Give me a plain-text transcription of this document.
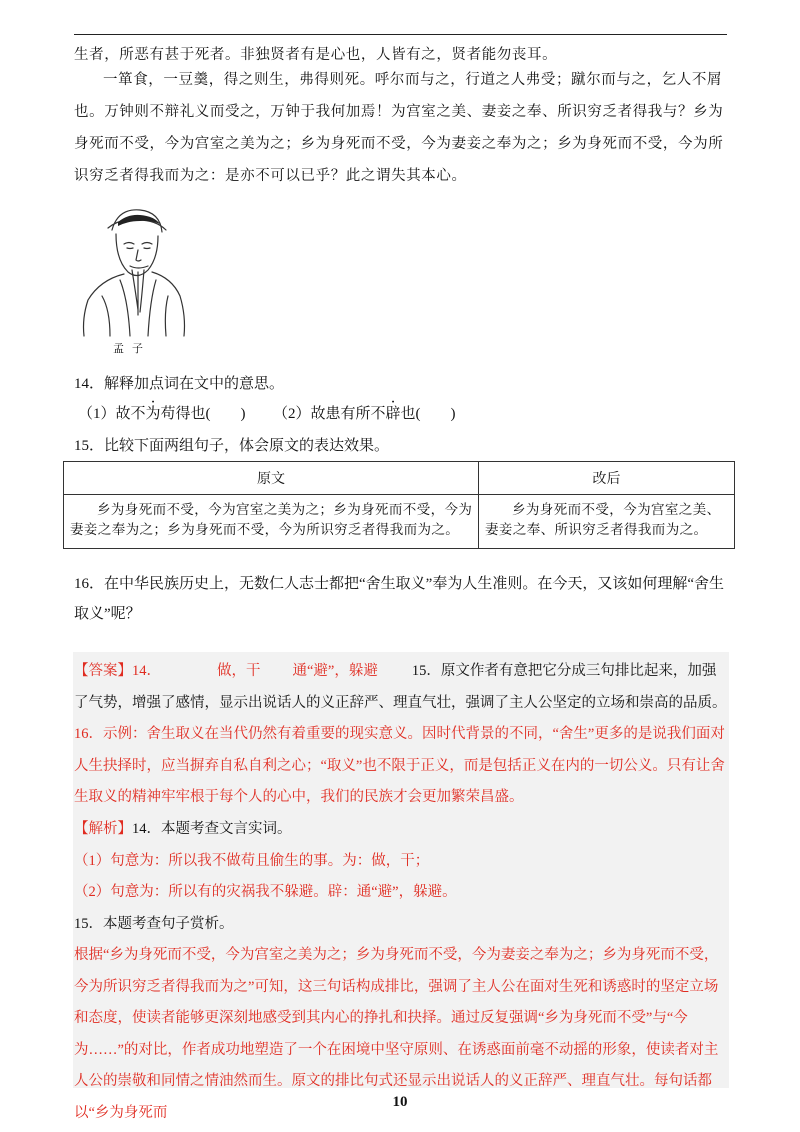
生者，所恶有甚于死者。非独贤者有是心也，人皆有之，贤者能勿丧耳。
一箪食，一豆羹，得之则生，弗得则死。呼尔而与之，行道之人弗受；蹴尔而与之，乞人不屑也。万钟则不辩礼义而受之，万钟于我何加焉！为宫室之美、妻妾之奉、所识穷乏者得我与？乡为身死而不受，今为宫室之美为之；乡为身死而不受，今为妻妾之奉为之；乡为身死而不受，今为所识穷乏者得我而为之：是亦不可以已乎？此之谓失其本心。
孟子
14．解释加点词在文中的意思。
（1）故不为苟得也(　　) （2）故患有所不辟也(　　)
15．比较下面两组句子，体会原文的表达效果。
原文	改后
乡为身死而不受，今为宫室之美为之；乡为身死而不受，今为妻妾之奉为之；乡为身死而不受，今为所识穷乏者得我而为之。	乡为身死而不受，今为宫室之美、妻妾之奉、所识穷乏者得我而为之。
16．在中华民族历史上，无数仁人志士都把“舍生取义”奉为人生准则。在今天，又该如何理解“舍生取义”呢？
【答案】14．	做，干 通“避”，躲避 15．原文作者有意把它分成三句排比起来，加强了气势，增强了感情，显示出说话人的义正辞严、理直气壮，强调了主人公坚定的立场和崇高的品质。
16．示例：舍生取义在当代仍然有着重要的现实意义。因时代背景的不同，“舍生”更多的是说我们面对人生抉择时，应当摒弃自私自利之心；“取义”也不限于正义，而是包括正义在内的一切公义。只有让舍生取义的精神牢牢根于每个人的心中，我们的民族才会更加繁荣昌盛。
【解析】14．本题考查文言实词。
（1）句意为：所以我不做苟且偷生的事。为：做，干；
（2）句意为：所以有的灾祸我不躲避。辟：通“避”，躲避。
15．本题考查句子赏析。
根据“乡为身死而不受，今为宫室之美为之；乡为身死而不受，今为妻妾之奉为之；乡为身死而不受，今为所识穷乏者得我而为之”可知，这三句话构成排比，强调了主人公在面对生死和诱惑时的坚定立场和态度，使读者能够更深刻地感受到其内心的挣扎和抉择。通过反复强调“乡为身死而不受”与“今为……”的对比，作者成功地塑造了一个在困境中坚守原则、在诱惑面前毫不动摇的形象，使读者对主人公的崇敬和同情之情油然而生。原文的排比句式还显示出说话人的义正辞严、理直气壮。每句话都以“乡为身死而
10
